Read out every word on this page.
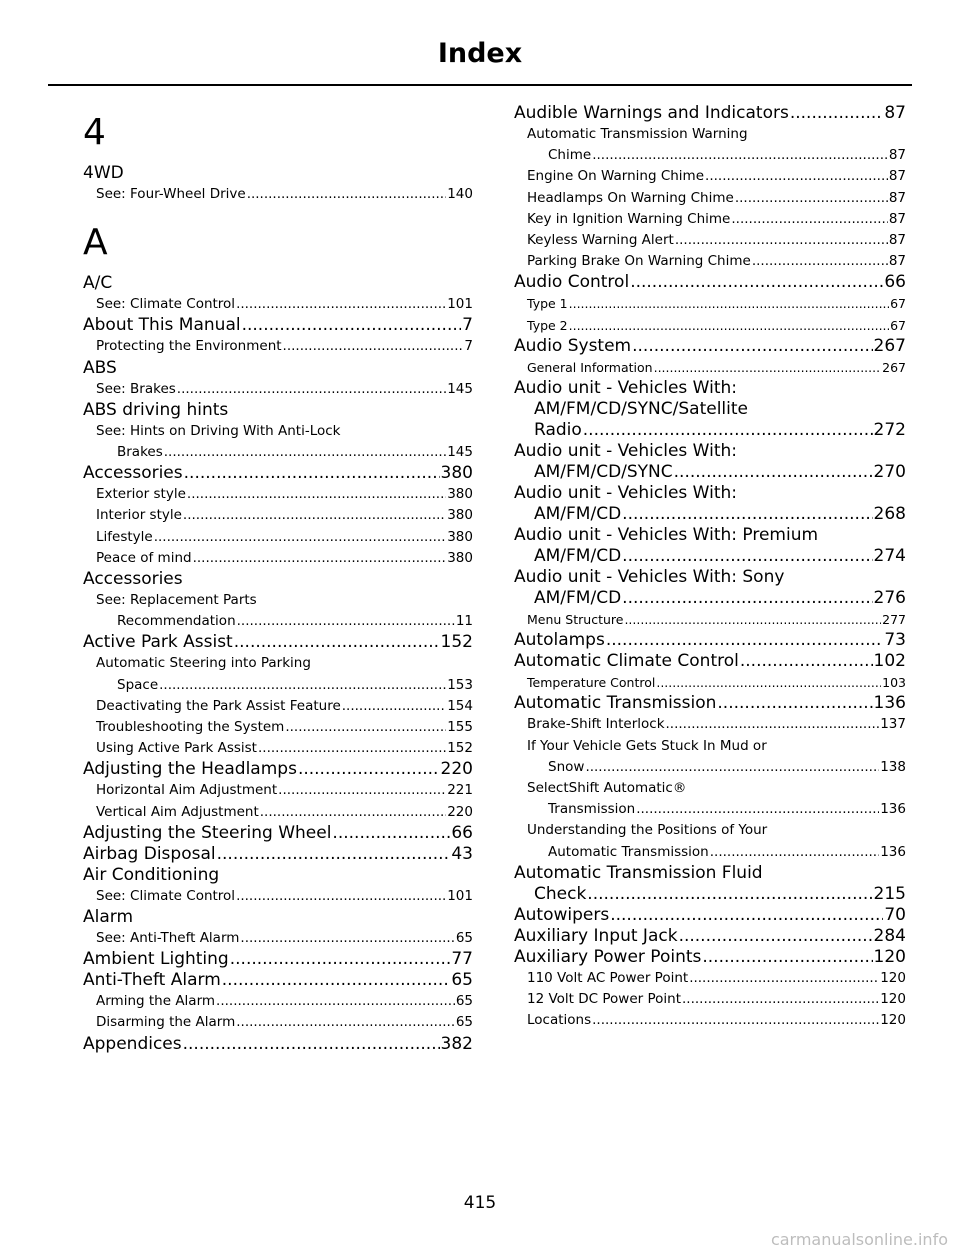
Index
4
4WD
See: Four-Wheel Drive .....	140
A
A/C
See: Climate Control .....	101
About This Manual .....	7
Protecting the Environment .....	7
ABS
See: Brakes .....	145
ABS driving hints
See: Hints on Driving With Anti-Lock
Brakes .....	145
Accessories .....	380
Exterior style .....	380
Interior style .....	380
Lifestyle .....	380
Peace of mind .....	380
Accessories
See: Replacement Parts
Recommendation .....	11
Active Park Assist .....	152
Automatic Steering into Parking
Space .....	153
Deactivating the Park Assist Feature .....	154
Troubleshooting the System .....	155
Using Active Park Assist .....	152
Adjusting the Headlamps .....	220
Horizontal Aim Adjustment .....	221
Vertical Aim Adjustment .....	220
Adjusting the Steering Wheel .....	66
Airbag Disposal .....	43
Air Conditioning
See: Climate Control .....	101
Alarm
See: Anti-Theft Alarm .....	65
Ambient Lighting .....	77
Anti-Theft Alarm .....	65
Arming the Alarm .....	65
Disarming the Alarm .....	65
Appendices .....	382
Audible Warnings and Indicators .....	87
Automatic Transmission Warning
Chime .....	87
Engine On Warning Chime .....	87
Headlamps On Warning Chime .....	87
Key in Ignition Warning Chime .....	87
Keyless Warning Alert .....	87
Parking Brake On Warning Chime .....	87
Audio Control .....	66
Type 1 .....	67
Type 2 .....	67
Audio System .....	267
General Information .....	267
Audio unit - Vehicles With:
AM/FM/CD/SYNC/Satellite
Radio .....	272
Audio unit - Vehicles With:
AM/FM/CD/SYNC .....	270
Audio unit - Vehicles With:
AM/FM/CD .....	268
Audio unit - Vehicles With: Premium
AM/FM/CD .....	274
Audio unit - Vehicles With: Sony
AM/FM/CD .....	276
Menu Structure .....	277
Autolamps .....	73
Automatic Climate Control .....	102
Temperature Control .....	103
Automatic Transmission .....	136
Brake-Shift Interlock .....	137
If Your Vehicle Gets Stuck In Mud or
Snow .....	138
SelectShift Automatic®
Transmission .....	136
Understanding the Positions of Your
Automatic Transmission .....	136
Automatic Transmission Fluid
Check .....	215
Autowipers .....	70
Auxiliary Input Jack .....	284
Auxiliary Power Points .....	120
110 Volt AC Power Point .....	120
12 Volt DC Power Point .....	120
Locations .....	120
415
carmanualsonline.info
